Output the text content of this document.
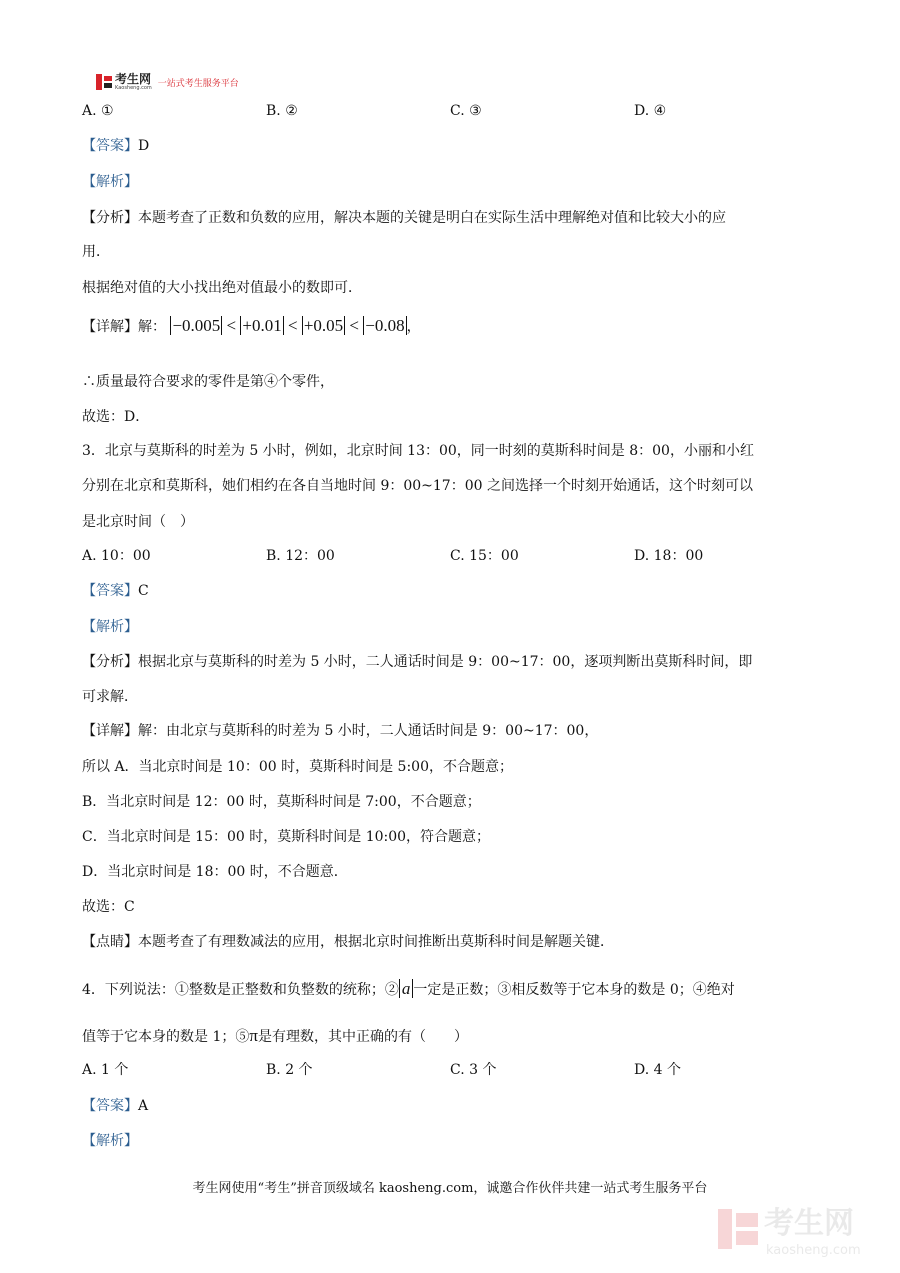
考生网
Kaosheng.com 一站式考生服务平台
A. ①	B. ②	C. ③	D. ④
【答案】D
【解析】
【分析】本题考查了正数和负数的应用，解决本题的关键是明白在实际生活中理解绝对值和比较大小的应
用．
根据绝对值的大小找出绝对值最小的数即可．
【详解】解： −0.005 < +0.01 < +0.05 < −0.08 ，
∴质量最符合要求的零件是第④个零件，
故选：D．
3．北京与莫斯科的时差为 5 小时，例如，北京时间 13：00，同一时刻的莫斯科时间是 8：00，小丽和小红
分别在北京和莫斯科，她们相约在各自当地时间 9：00~17：00 之间选择一个时刻开始通话，这个时刻可以
是北京时间（　）
A. 10：00	B. 12：00	C. 15：00	D. 18：00
【答案】C
【解析】
【分析】根据北京与莫斯科的时差为 5 小时，二人通话时间是 9：00~17：00，逐项判断出莫斯科时间，即
可求解．
【详解】解：由北京与莫斯科的时差为 5 小时，二人通话时间是 9：00~17：00，
所以 A．当北京时间是 10：00 时，莫斯科时间是 5:00，不合题意；
B．当北京时间是 12：00 时，莫斯科时间是 7:00，不合题意；
C．当北京时间是 15：00 时，莫斯科时间是 10:00，符合题意；
D．当北京时间是 18：00 时，不合题意．
故选：C
【点睛】本题考查了有理数减法的应用，根据北京时间推断出莫斯科时间是解题关键．
4．下列说法：①整数是正整数和负整数的统称；② a 一定是正数；③相反数等于它本身的数是 0；④绝对
值等于它本身的数是 1；⑤π是有理数，其中正确的有（　　）
A. 1 个	B. 2 个	C. 3 个	D. 4 个
【答案】A
【解析】
考生网使用“考生”拼音顶级域名 kaosheng.com，诚邀合作伙伴共建一站式考生服务平台
考生网
kaosheng.com
